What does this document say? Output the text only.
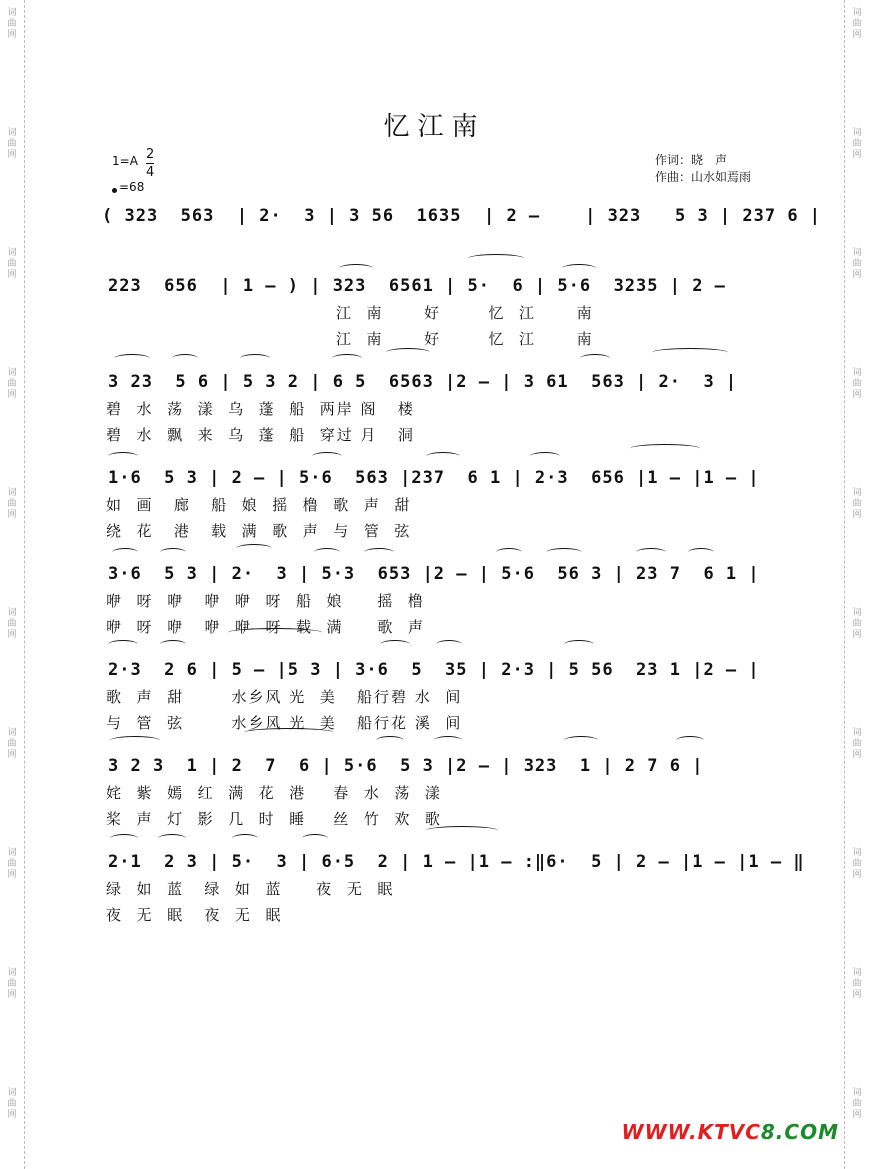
词曲网
词曲网
词曲网
词曲网
词曲网
词曲网
词曲网
词曲网
词曲网
词曲网
词曲网
词曲网
词曲网
词曲网
词曲网
词曲网
词曲网
词曲网
词曲网
词曲网
忆江南
1=A 2
4
=68
作词：晓　声
作曲：山水如焉雨
( 323  563  | 2·  3 | 3 56  1635  | 2 –    | 323   5 3 | 237 6 |
223  656  | 1 – ) | 323  6561 | 5·  6 | 5·6  3235 | 2 –
江  南      好       忆  江      南
江  南      好       忆  江      南
3 23  5 6 | 5 3 2 | 6 5  6563 |2 – | 3 61  563 | 2·  3 |
碧  水  荡  漾  乌  蓬  船  两岸 阁   楼
碧  水  飘  来  乌  蓬  船  穿过 月   洞
1·6  5 3 | 2 – | 5·6  563 |237  6 1 | 2·3  656 |1 – |1 – |
如  画   廊   船  娘  摇  橹  歌  声  甜
绕  花   港   载  满  歌  声  与  管  弦
3·6  5 3 | 2·  3 | 5·3  653 |2 – | 5·6  56 3 | 23 7  6 1 |
咿  呀  咿   咿  咿  呀  船  娘     摇  橹
咿  呀  咿   咿  咿  呀  载  满     歌  声
2·3  2 6 | 5 – |5 3 | 3·6  5  35 | 2·3 | 5 56  23 1 |2 – |
歌  声  甜       水乡风 光  美   船行碧 水  间
与  管  弦       水乡风 光  美   船行花 溪  间
3 2 3  1 | 2  7  6 | 5·6  5 3 |2 – | 323  1 | 2 7 6 |
姹  紫  嫣  红  满  花  港    春  水  荡  漾
桨  声  灯  影  几  时  睡    丝  竹  欢  歌
2·1  2 3 | 5·  3 | 6·5  2 | 1 – |1 – :‖6·  5 | 2 – |1 – |1 – ‖
绿  如  蓝   绿  如  蓝     夜  无  眠
夜  无  眠   夜  无  眠
WWW.KTVC8.COM
